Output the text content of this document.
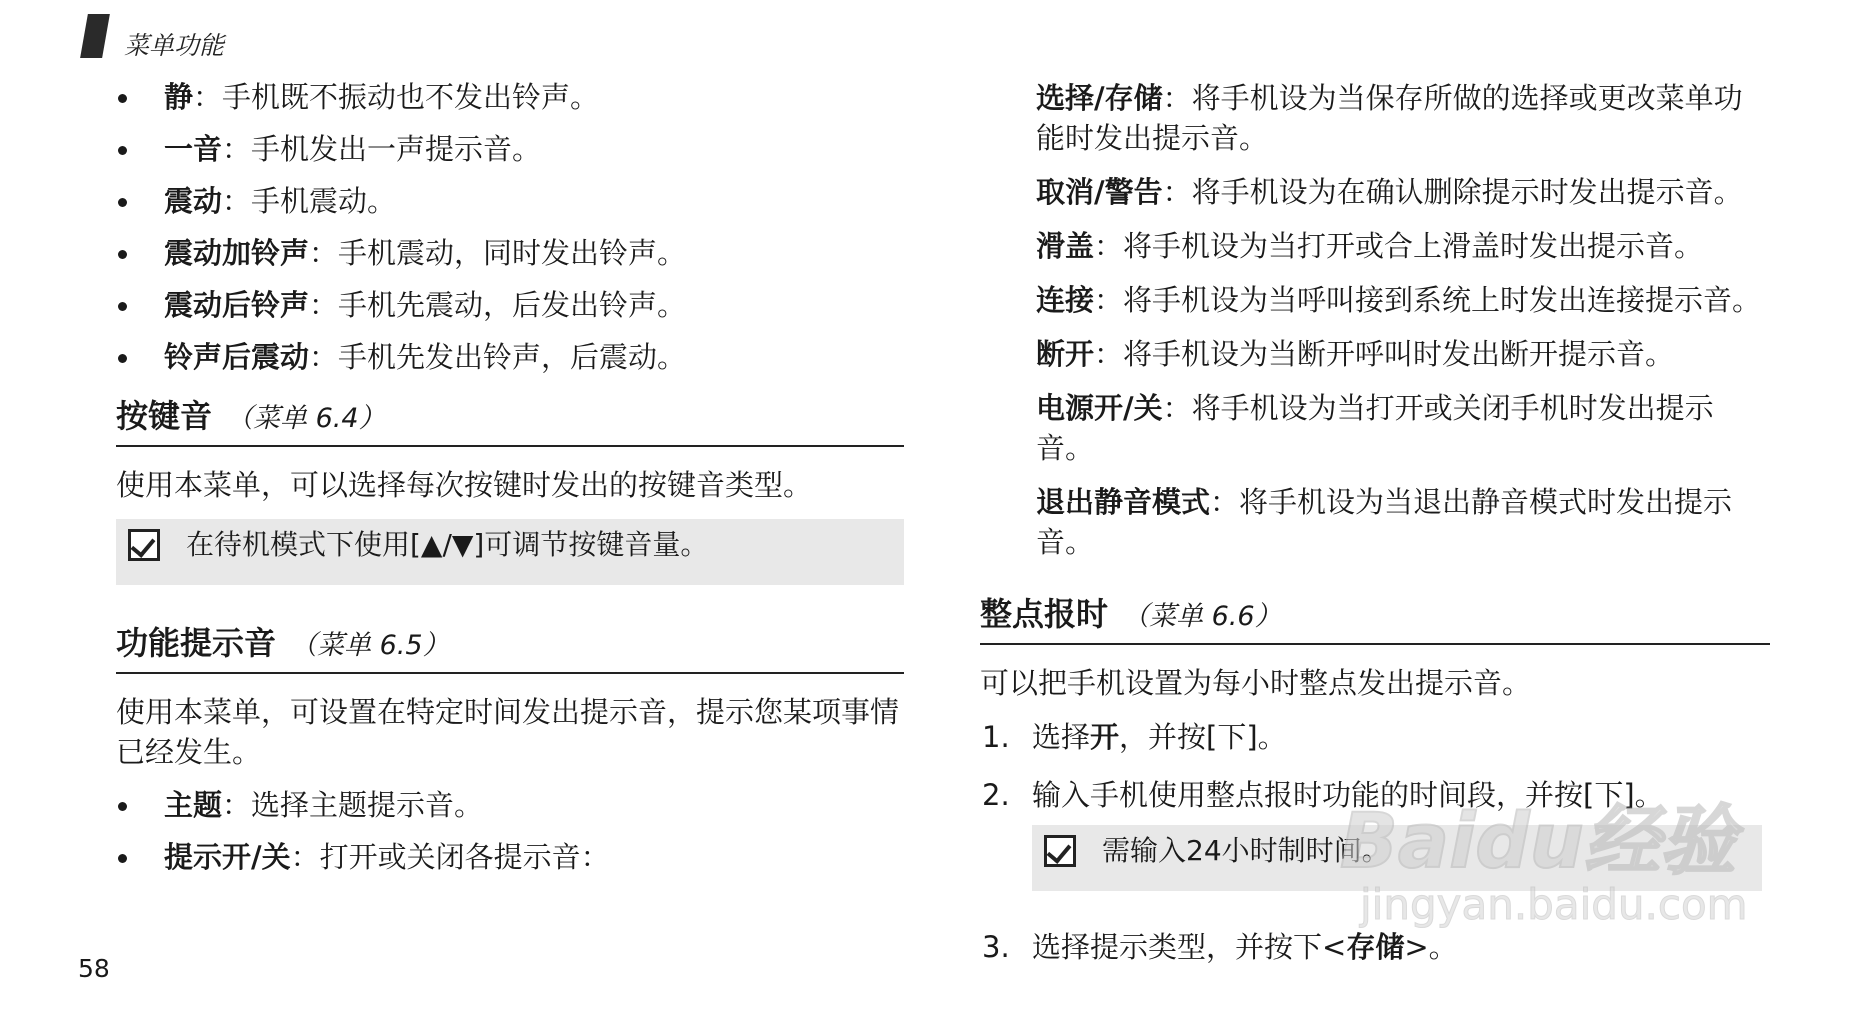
菜单功能
静：手机既不振动也不发出铃声。
一音：手机发出一声提示音。
震动：手机震动。
震动加铃声：手机震动，同时发出铃声。
震动后铃声：手机先震动，后发出铃声。
铃声后震动：手机先发出铃声，后震动。
按键音 （菜单 6.4）

使用本菜单，可以选择每次按键时发出的按键音类型。

在待机模式下使用[▲/▼]可调节按键音量。
功能提示音 （菜单 6.5）

使用本菜单，可设置在特定时间发出提示音，提示您某项事情已经发生。

主题：选择主题提示音。
提示开/关：打开或关闭各提示音：
选择/存储：将手机设为当保存所做的选择或更改菜单功能时发出提示音。
取消/警告：将手机设为在确认删除提示时发出提示音。
滑盖：将手机设为当打开或合上滑盖时发出提示音。
连接：将手机设为当呼叫接到系统上时发出连接提示音。
断开：将手机设为当断开呼叫时发出断开提示音。
电源开/关：将手机设为当打开或关闭手机时发出提示音。
退出静音模式：将手机设为当退出静音模式时发出提示音。
整点报时 （菜单 6.6）

可以把手机设置为每小时整点发出提示音。

1. 选择开，并按[下]。
2. 输入手机使用整点报时功能的时间段，并按[下]。
需输入24小时制时间。
3. 选择提示类型，并按下<存储>。
58
Baidu经验
jingyan.baidu.com
